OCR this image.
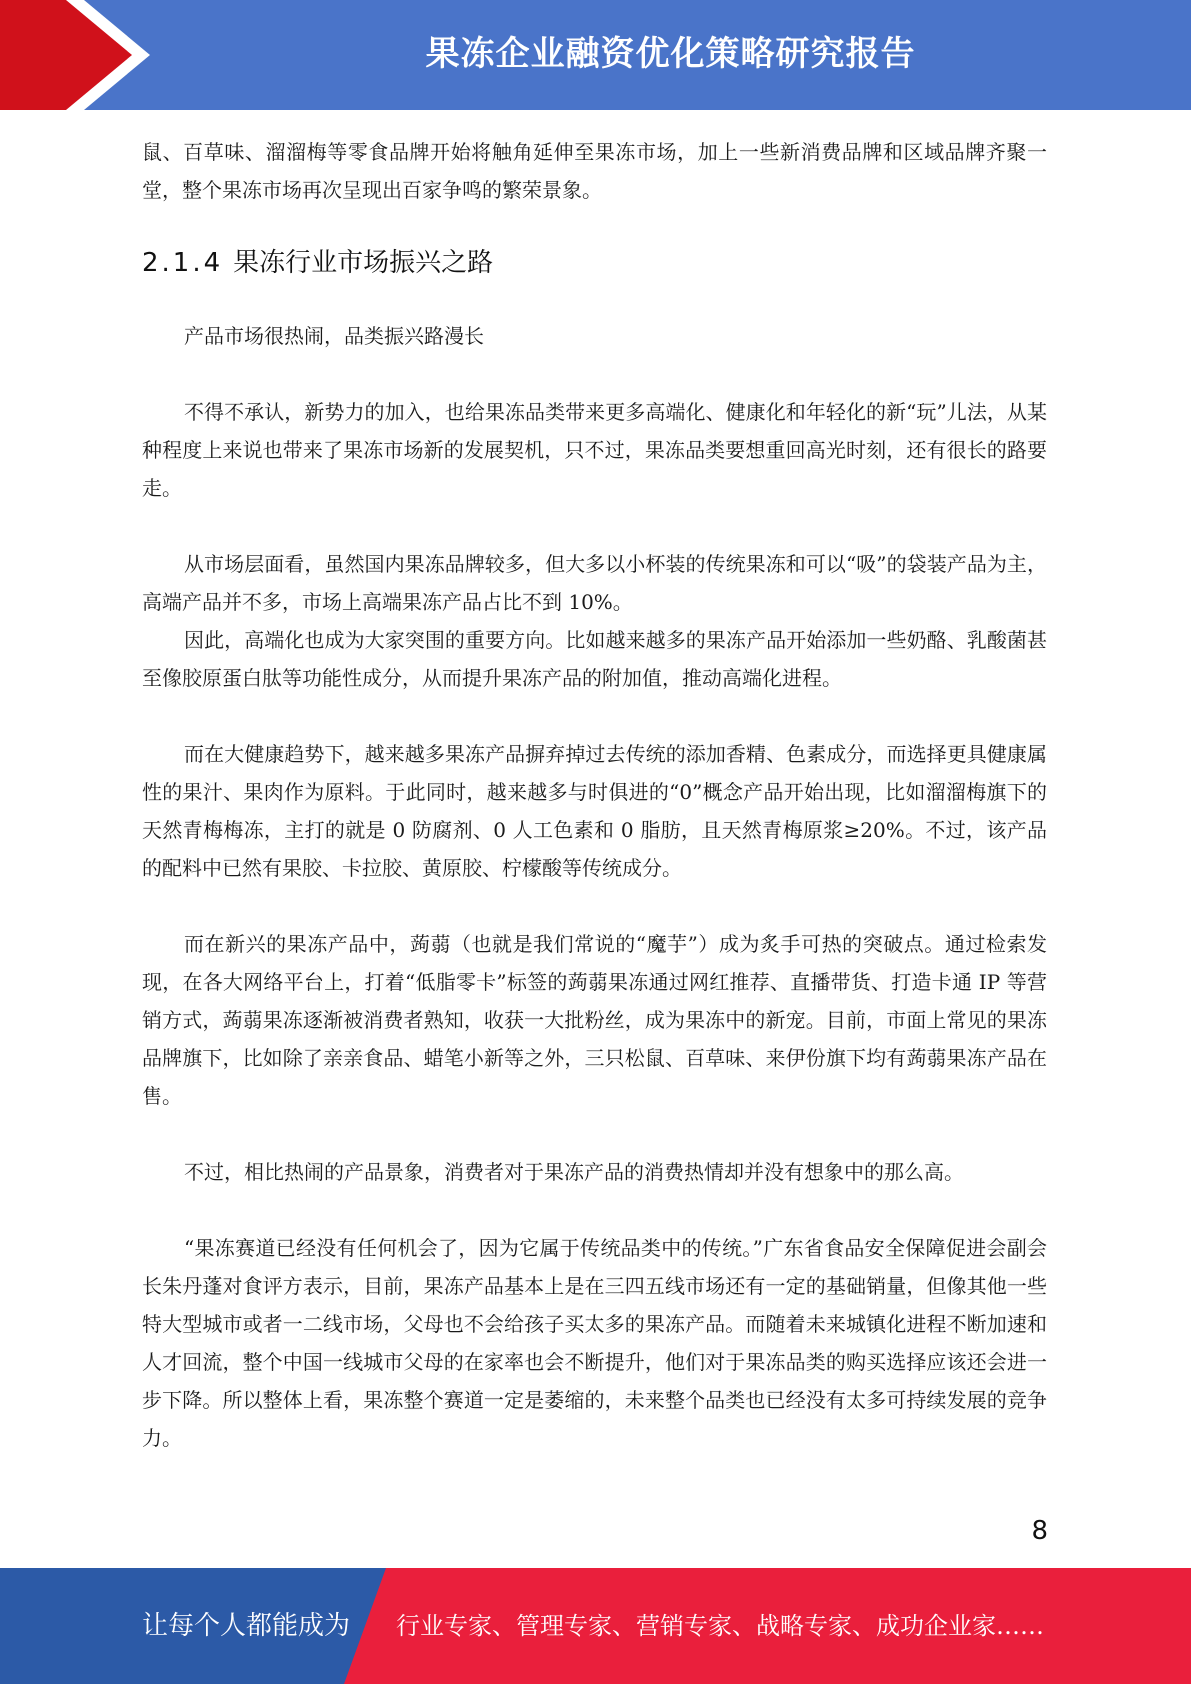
果冻企业融资优化策略研究报告

鼠、百草味、溜溜梅等零食品牌开始将触角延伸至果冻市场，加上一些新消费品牌和区域品牌齐聚一堂，整个果冻市场再次呈现出百家争鸣的繁荣景象。

2.1.4 果冻行业市场振兴之路

产品市场很热闹，品类振兴路漫长

不得不承认，新势力的加入，也给果冻品类带来更多高端化、健康化和年轻化的新“玩”儿法，从某种程度上来说也带来了果冻市场新的发展契机，只不过，果冻品类要想重回高光时刻，还有很长的路要走。

从市场层面看，虽然国内果冻品牌较多，但大多以小杯装的传统果冻和可以“吸”的袋装产品为主，高端产品并不多，市场上高端果冻产品占比不到 10%。

因此，高端化也成为大家突围的重要方向。比如越来越多的果冻产品开始添加一些奶酪、乳酸菌甚至像胶原蛋白肽等功能性成分，从而提升果冻产品的附加值，推动高端化进程。

而在大健康趋势下，越来越多果冻产品摒弃掉过去传统的添加香精、色素成分，而选择更具健康属性的果汁、果肉作为原料。于此同时，越来越多与时俱进的“0”概念产品开始出现，比如溜溜梅旗下的天然青梅梅冻，主打的就是 0 防腐剂、0 人工色素和 0 脂肪，且天然青梅原浆≥20%。不过，该产品的配料中已然有果胶、卡拉胶、黄原胶、柠檬酸等传统成分。

而在新兴的果冻产品中，蒟蒻（也就是我们常说的“魔芋”）成为炙手可热的突破点。通过检索发现，在各大网络平台上，打着“低脂零卡”标签的蒟蒻果冻通过网红推荐、直播带货、打造卡通 IP 等营销方式，蒟蒻果冻逐渐被消费者熟知，收获一大批粉丝，成为果冻中的新宠。目前，市面上常见的果冻品牌旗下，比如除了亲亲食品、蜡笔小新等之外，三只松鼠、百草味、来伊份旗下均有蒟蒻果冻产品在售。

不过，相比热闹的产品景象，消费者对于果冻产品的消费热情却并没有想象中的那么高。

“果冻赛道已经没有任何机会了，因为它属于传统品类中的传统。”广东省食品安全保障促进会副会长朱丹蓬对食评方表示，目前，果冻产品基本上是在三四五线市场还有一定的基础销量，但像其他一些特大型城市或者一二线市场，父母也不会给孩子买太多的果冻产品。而随着未来城镇化进程不断加速和人才回流，整个中国一线城市父母的在家率也会不断提升，他们对于果冻品类的购买选择应该还会进一步下降。所以整体上看，果冻整个赛道一定是萎缩的，未来整个品类也已经没有太多可持续发展的竞争力。

8
让每个人都能成为 行业专家、管理专家、营销专家、战略专家、成功企业家……
